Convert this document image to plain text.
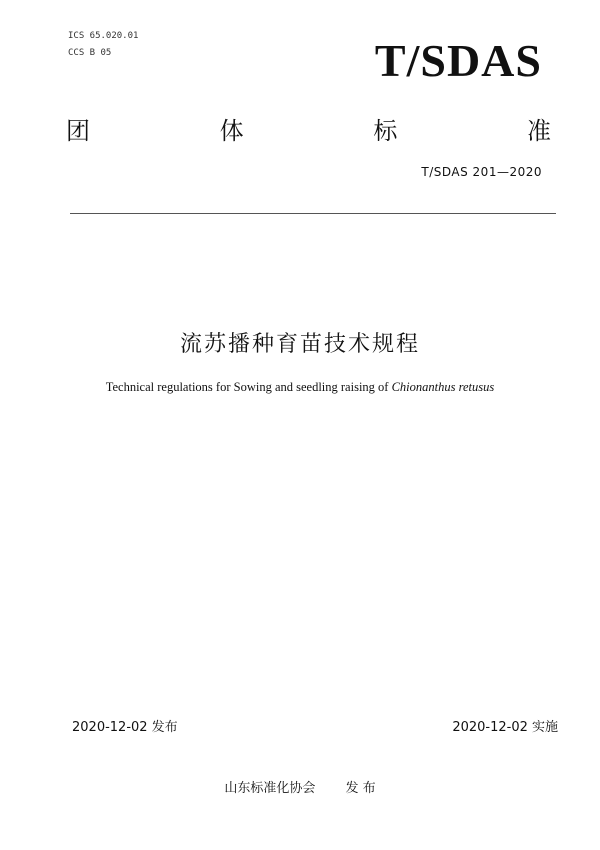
ICS 65.020.01
CCS B 05	T/SDAS
团	体	标	准
T/SDAS 201—2020
流苏播种育苗技术规程
Technical regulations for Sowing and seedling raising of Chionanthus retusus
2020-12-02 发布	2020-12-02 实施
山东标准化协会 发 布
